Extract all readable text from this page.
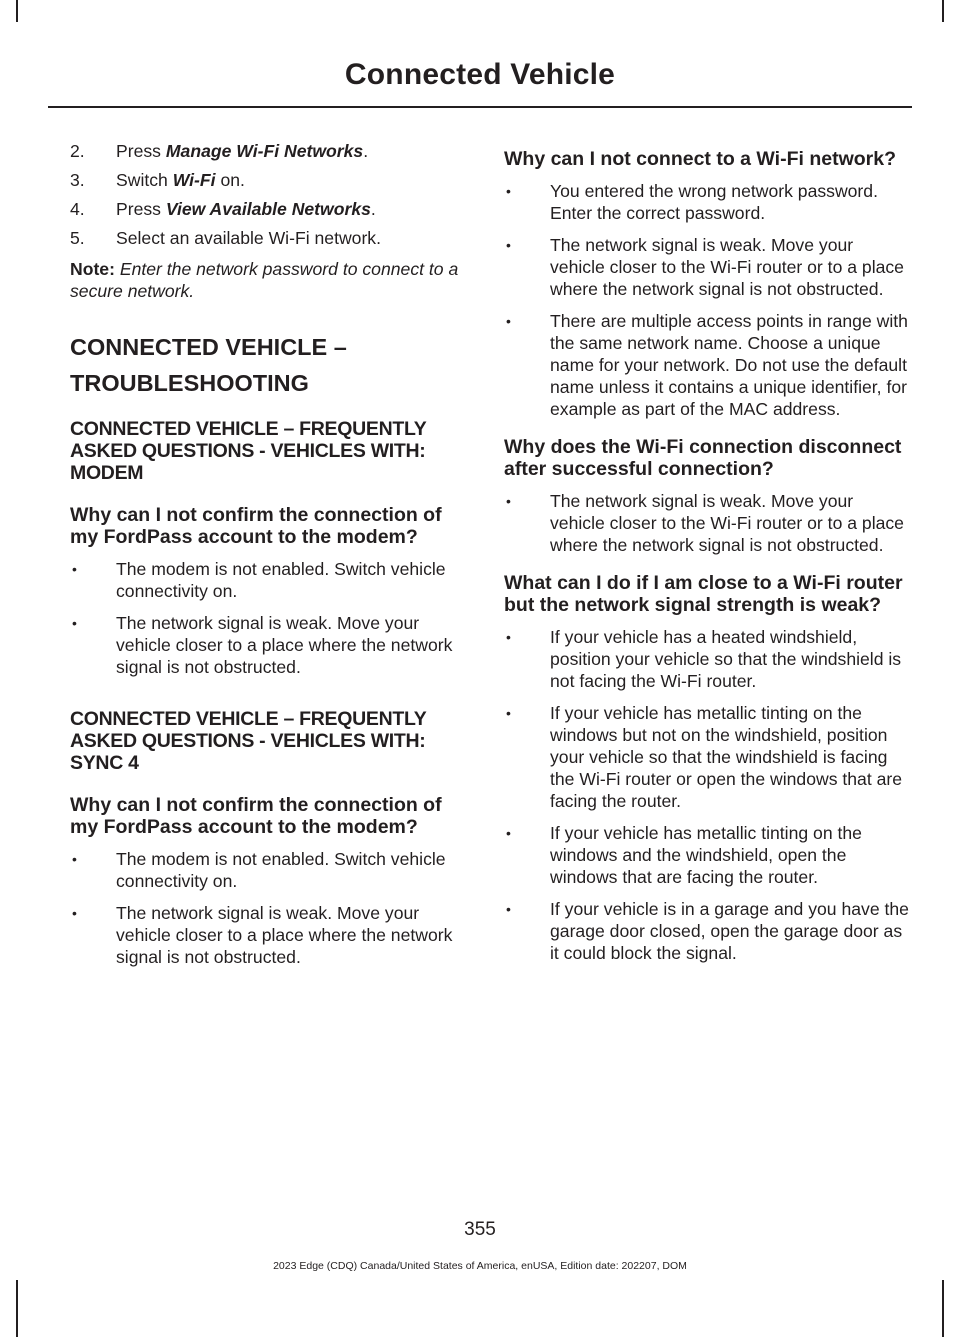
Connected Vehicle
2.	Press Manage Wi-Fi Networks.
3.	Switch Wi-Fi on.
4.	Press View Available Networks.
5.	Select an available Wi-Fi network.

Note: Enter the network password to connect to a secure network.

CONNECTED VEHICLE –
TROUBLESHOOTING
CONNECTED VEHICLE – FREQUENTLY ASKED QUESTIONS - VEHICLES WITH: MODEM
Why can I not confirm the connection of my FordPass account to the modem?
• The modem is not enabled. Switch vehicle connectivity on.
• The network signal is weak. Move your vehicle closer to a place where the network signal is not obstructed.
CONNECTED VEHICLE – FREQUENTLY ASKED QUESTIONS - VEHICLES WITH: SYNC 4
Why can I not confirm the connection of my FordPass account to the modem?
• The modem is not enabled. Switch vehicle connectivity on.
• The network signal is weak. Move your vehicle closer to a place where the network signal is not obstructed.
Why can I not connect to a Wi-Fi network?
• You entered the wrong network password. Enter the correct password.
• The network signal is weak. Move your vehicle closer to the Wi-Fi router or to a place where the network signal is not obstructed.
• There are multiple access points in range with the same network name. Choose a unique name for your network. Do not use the default name unless it contains a unique identifier, for example as part of the MAC address.
Why does the Wi-Fi connection disconnect after successful connection?
• The network signal is weak. Move your vehicle closer to the Wi-Fi router or to a place where the network signal is not obstructed.
What can I do if I am close to a Wi-Fi router but the network signal strength is weak?
• If your vehicle has a heated windshield, position your vehicle so that the windshield is not facing the Wi-Fi router.
• If your vehicle has metallic tinting on the windows but not on the windshield, position your vehicle so that the windshield is facing the Wi-Fi router or open the windows that are facing the router.
• If your vehicle has metallic tinting on the windows and the windshield, open the windows that are facing the router.
• If your vehicle is in a garage and you have the garage door closed, open the garage door as it could block the signal.
355
2023 Edge (CDQ) Canada/United States of America, enUSA, Edition date: 202207, DOM
